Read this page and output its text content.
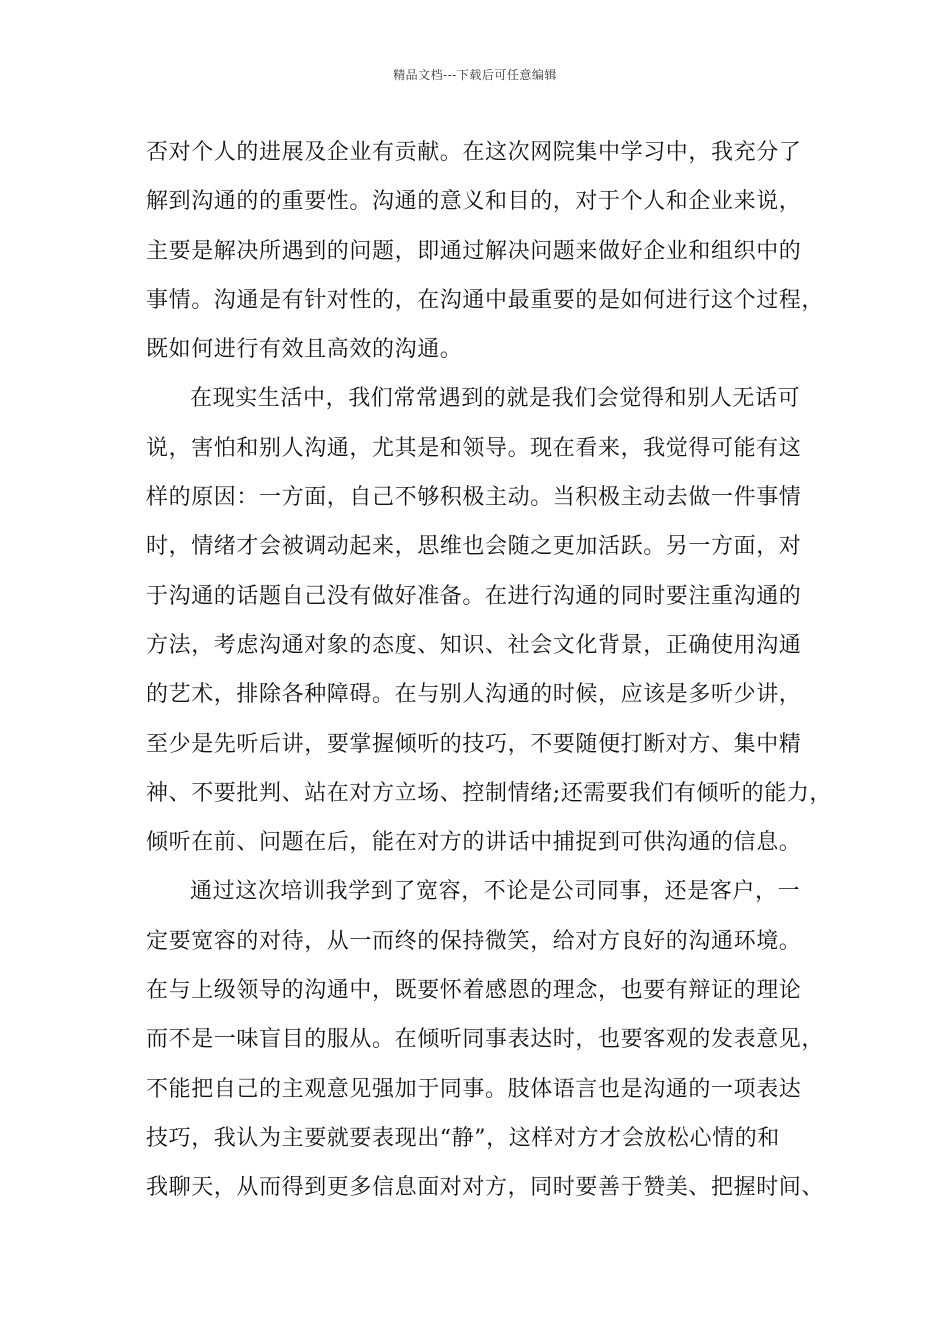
精品文档---下载后可任意编辑
否对个人的进展及企业有贡献。在这次网院集中学习中，我充分了
解到沟通的的重要性。沟通的意义和目的，对于个人和企业来说，
主要是解决所遇到的问题，即通过解决问题来做好企业和组织中的
事情。沟通是有针对性的，在沟通中最重要的是如何进行这个过程，
既如何进行有效且高效的沟通。
在现实生活中，我们常常遇到的就是我们会觉得和别人无话可
说，害怕和别人沟通，尤其是和领导。现在看来，我觉得可能有这
样的原因：一方面，自己不够积极主动。当积极主动去做一件事情
时，情绪才会被调动起来，思维也会随之更加活跃。另一方面，对
于沟通的话题自己没有做好准备。在进行沟通的同时要注重沟通的
方法，考虑沟通对象的态度、知识、社会文化背景，正确使用沟通
的艺术，排除各种障碍。在与别人沟通的时候，应该是多听少讲，
至少是先听后讲，要掌握倾听的技巧，不要随便打断对方、集中精
神、不要批判、站在对方立场、控制情绪;还需要我们有倾听的能力，
倾听在前、问题在后，能在对方的讲话中捕捉到可供沟通的信息。
通过这次培训我学到了宽容，不论是公司同事，还是客户，一
定要宽容的对待，从一而终的保持微笑，给对方良好的沟通环境。
在与上级领导的沟通中，既要怀着感恩的理念，也要有辩证的理论
而不是一味盲目的服从。在倾听同事表达时，也要客观的发表意见，
不能把自己的主观意见强加于同事。肢体语言也是沟通的一项表达
技巧，我认为主要就要表现出“静”，这样对方才会放松心情的和
我聊天，从而得到更多信息面对对方，同时要善于赞美、把握时间、
